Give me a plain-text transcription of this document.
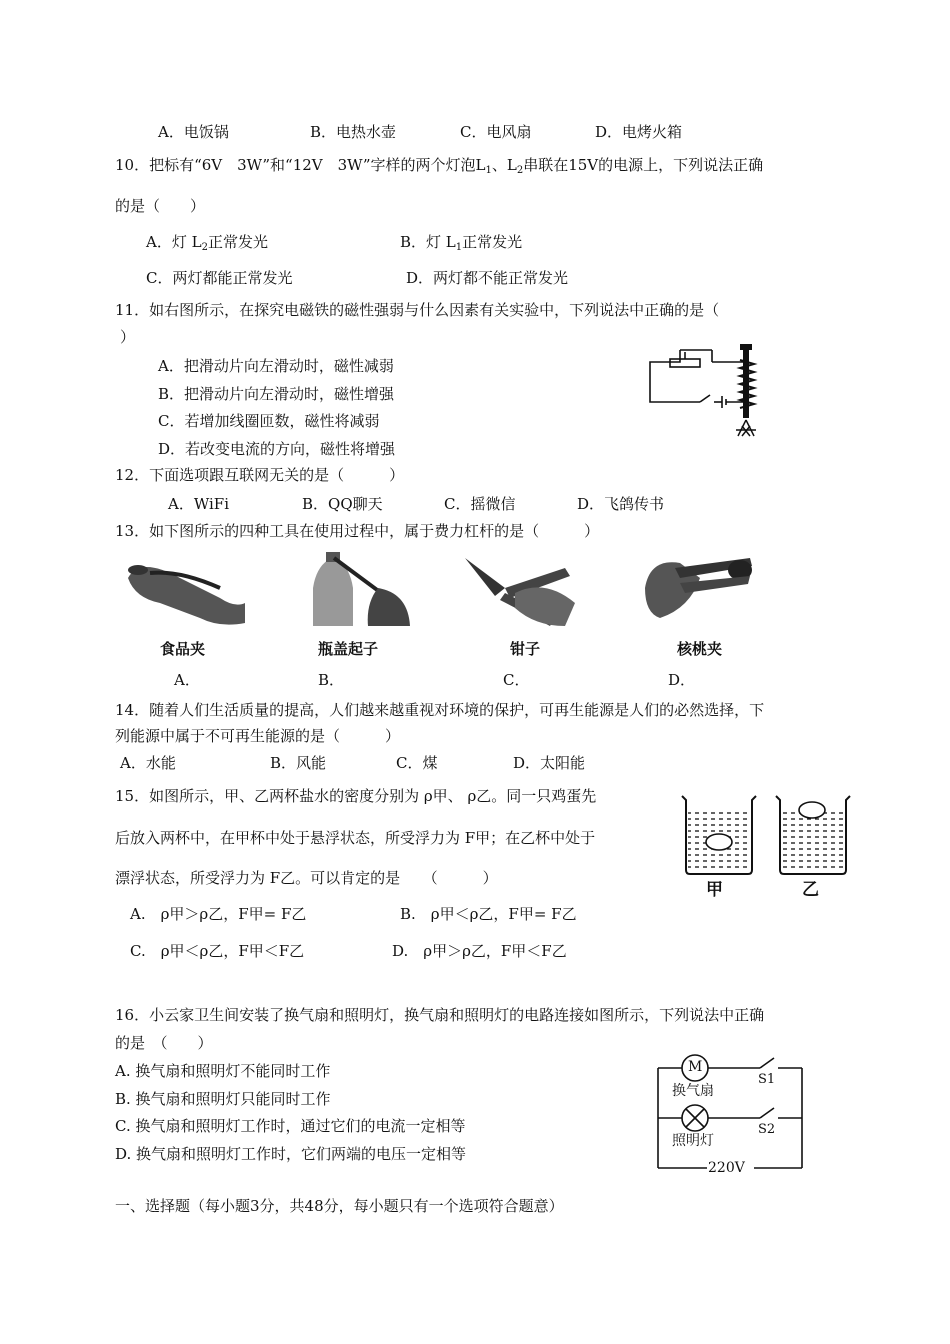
A．电饭锅	B．电热水壶	C．电风扇	D．电烤火箱
10．把标有“6V　3W”和“12V　3W”字样的两个灯泡$L_1$、$L_2$串联在15V的电源上，下列说法正确
的是（　　）
A．灯 $L_2$正常发光	B．灯 $L_1$正常发光
C．两灯都能正常发光	D．两灯都不能正常发光
11．如右图所示，在探究电磁铁的磁性强弱与什么因素有关实验中，下列说法中正确的是（
）
A．把滑动片向左滑动时，磁性减弱
B．把滑动片向左滑动时，磁性增强
C．若增加线圈匝数，磁性将减弱
D．若改变电流的方向，磁性将增强
12．下面选项跟互联网无关的是（　　　）
A．WiFi	B．QQ聊天	C．摇微信	D．飞鸽传书
13．如下图所示的四种工具在使用过程中，属于费力杠杆的是（　　　）
食品夹	瓶盖起子	钳子	核桃夹
A．	B．	C．	D．
14．随着人们生活质量的提高，人们越来越重视对环境的保护，可再生能源是人们的必然选择，下
列能源中属于不可再生能源的是（　　　）
A．水能	B．风能	C．煤	D．太阳能
15．如图所示，甲、乙两杯盐水的密度分别为 ρ甲、 ρ乙。同一只鸡蛋先
后放入两杯中，在甲杯中处于悬浮状态，所受浮力为 F甲；在乙杯中处于
漂浮状态，所受浮力为 F乙。可以肯定的是　　（　　　）
A.　ρ甲＞ρ乙，F甲= F乙	B.　ρ甲＜ρ乙，F甲= F乙
C.　ρ甲＜ρ乙，F甲＜F乙	D.　ρ甲＞ρ乙，F甲＜F乙
甲	乙
16．小云家卫生间安装了换气扇和照明灯，换气扇和照明灯的电路连接如图所示，下列说法中正确
的是　（　　）
A. 换气扇和照明灯不能同时工作
B. 换气扇和照明灯只能同时工作
C. 换气扇和照明灯工作时，通过它们的电流一定相等
D. 换气扇和照明灯工作时，它们两端的电压一定相等
M
换气扇
S1
照明灯
S2
220V
一、选择题（每小题3分，共48分，每小题只有一个选项符合题意）
